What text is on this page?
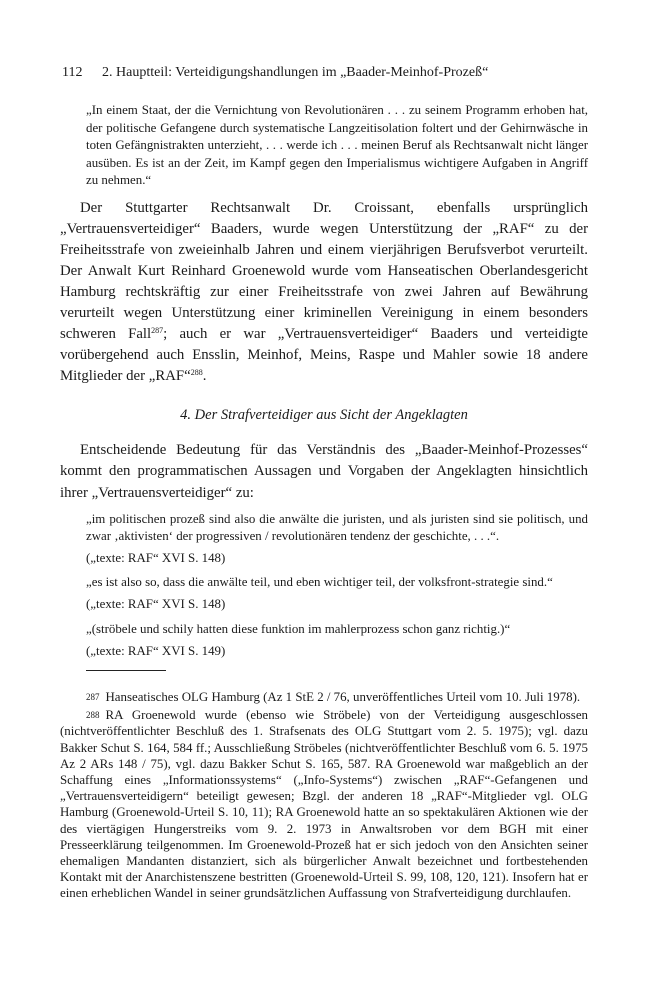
112	2. Hauptteil: Verteidigungshandlungen im „Baader-Meinhof-Prozeß“
„In einem Staat, der die Vernichtung von Revolutionären . . . zu seinem Programm erhoben hat, der politische Gefangene durch systematische Langzeitisolation foltert und der Gehirnwäsche in toten Gefängnistrakten unterzieht, . . . werde ich . . . meinen Beruf als Rechtsanwalt nicht länger ausüben. Es ist an der Zeit, im Kampf gegen den Imperialismus wichtigere Aufgaben in Angriff zu nehmen.“

Der Stuttgarter Rechtsanwalt Dr. Croissant, ebenfalls ursprünglich „Vertrauensverteidiger“ Baaders, wurde wegen Unterstützung der „RAF“ zu der Freiheitsstrafe von zweieinhalb Jahren und einem vierjährigen Berufsverbot verurteilt. Der Anwalt Kurt Reinhard Groenewold wurde vom Hanseatischen Oberlandesgericht Hamburg rechtskräftig zur einer Freiheitsstrafe von zwei Jahren auf Bewährung verurteilt wegen Unterstützung einer kriminellen Vereinigung in einem besonders schweren Fall$^{287}$; auch er war „Vertrauensverteidiger“ Baaders und verteidigte vorübergehend auch Ensslin, Meinhof, Meins, Raspe und Mahler sowie 18 andere Mitglieder der „RAF“$^{288}$.

4. Der Strafverteidiger aus Sicht der Angeklagten

Entscheidende Bedeutung für das Verständnis des „Baader-Meinhof-Prozesses“ kommt den programmatischen Aussagen und Vorgaben der Angeklagten hinsichtlich ihrer „Vertrauensverteidiger“ zu:

„im politischen prozeß sind also die anwälte die juristen, und als juristen sind sie politisch, und zwar ‚aktivisten‘ der progressiven / revolutionären tendenz der geschichte, . . .“.
(„texte: RAF“ XVI S. 148)
„es ist also so, dass die anwälte teil, und eben wichtiger teil, der volksfront-strategie sind.“
(„texte: RAF“ XVI S. 148)
„(ströbele und schily hatten diese funktion im mahlerprozess schon ganz richtig.)“
(„texte: RAF“ XVI S. 149)

287 Hanseatisches OLG Hamburg (Az 1 StE 2 / 76, unveröffentliches Urteil vom 10. Juli 1978).

288 RA Groenewold wurde (ebenso wie Ströbele) von der Verteidigung ausgeschlossen (nichtveröffentlichter Beschluß des 1. Strafsenats des OLG Stuttgart vom 2. 5. 1975); vgl. dazu Bakker Schut S. 164, 584 ff.; Ausschließung Ströbeles (nichtveröffentlichter Beschluß vom 6. 5. 1975 Az 2 ARs 148 / 75), vgl. dazu Bakker Schut S. 165, 587. RA Groenewold war maßgeblich an der Schaffung eines „Informationssystems“ („Info-Systems“) zwischen „RAF“-Gefangenen und „Vertrauensverteidigern“ beteiligt gewesen; Bzgl. der anderen 18 „RAF“-Mitglieder vgl. OLG Hamburg (Groenewold-Urteil S. 10, 11); RA Groenewold hatte an so spektakulären Aktionen wie der des viertägigen Hungerstreiks vom 9. 2. 1973 in Anwaltsroben vor dem BGH mit einer Presseerklärung teilgenommen. Im Groenewold-Prozeß hat er sich jedoch von den Ansichten seiner ehemaligen Mandanten distanziert, sich als bürgerlicher Anwalt bezeichnet und fortbestehenden Kontakt mit der Anarchistenszene bestritten (Groenewold-Urteil S. 99, 108, 120, 121). Insofern hat er einen erheblichen Wandel in seiner grundsätzlichen Auffassung von Strafverteidigung durchlaufen.
